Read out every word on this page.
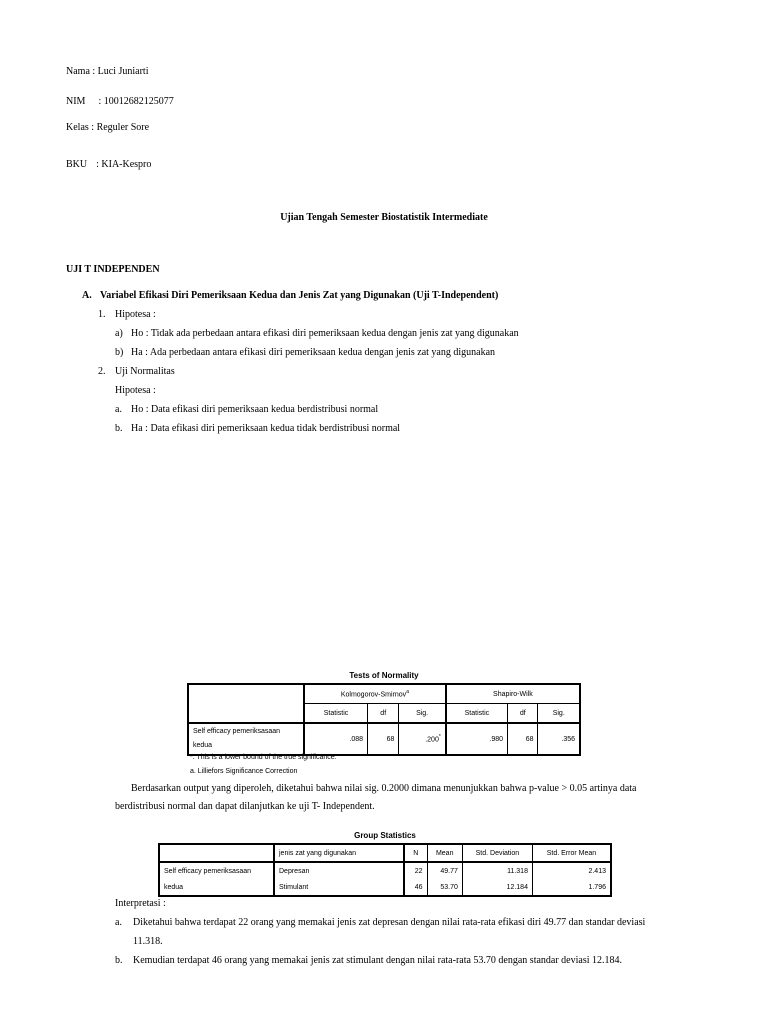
Nama : Luci Juniarti
NIM : 10012682125077
Kelas : Reguler Sore
BKU : KIA-Kespro
Ujian Tengah Semester Biostatistik Intermediate
UJI T INDEPENDEN
A. Variabel Efikasi Diri Pemeriksaan Kedua dan Jenis Zat yang Digunakan (Uji T-Independent)
1. Hipotesa :
a) Ho : Tidak ada perbedaan antara efikasi diri pemeriksaan kedua dengan jenis zat yang digunakan
b) Ha : Ada perbedaan antara efikasi diri pemeriksaan kedua dengan jenis zat yang digunakan
2. Uji Normalitas
Hipotesa :
a. Ho : Data efikasi diri pemeriksaan kedua berdistribusi normal
b. Ha : Data efikasi diri pemeriksaan kedua tidak berdistribusi normal
Tests of Normality
	Kolmogorov-Smirnov$^a$			Shapiro-Wilk		
	Statistic	df	Sig.	Statistic	df	Sig.
Self efficacy pemeriksasaan kedua	.088	68	.200*	.980	68	.356
*. This is a lower bound of the true significance.
a. Lilliefors Significance Correction
Berdasarkan output yang diperoleh, diketahui bahwa nilai sig. 0.2000 dimana menunjukkan bahwa p-value > 0.05 artinya data
berdistribusi normal dan dapat dilanjutkan ke uji T- Independent.
Group Statistics
	jenis zat yang digunakan	N	Mean	Std. Deviation	Std. Error Mean
Self efficacy pemeriksasaan	Depresan	22	49.77	11.318	2.413
kedua	Stimulant	46	53.70	12.184	1.796
Interpretasi :
a. Diketahui bahwa terdapat 22 orang yang memakai jenis zat depresan dengan nilai rata-rata efikasi diri 49.77 dan standar deviasi
11.318.
b. Kemudian terdapat 46 orang yang memakai jenis zat stimulant dengan nilai rata-rata 53.70 dengan standar deviasi 12.184.
